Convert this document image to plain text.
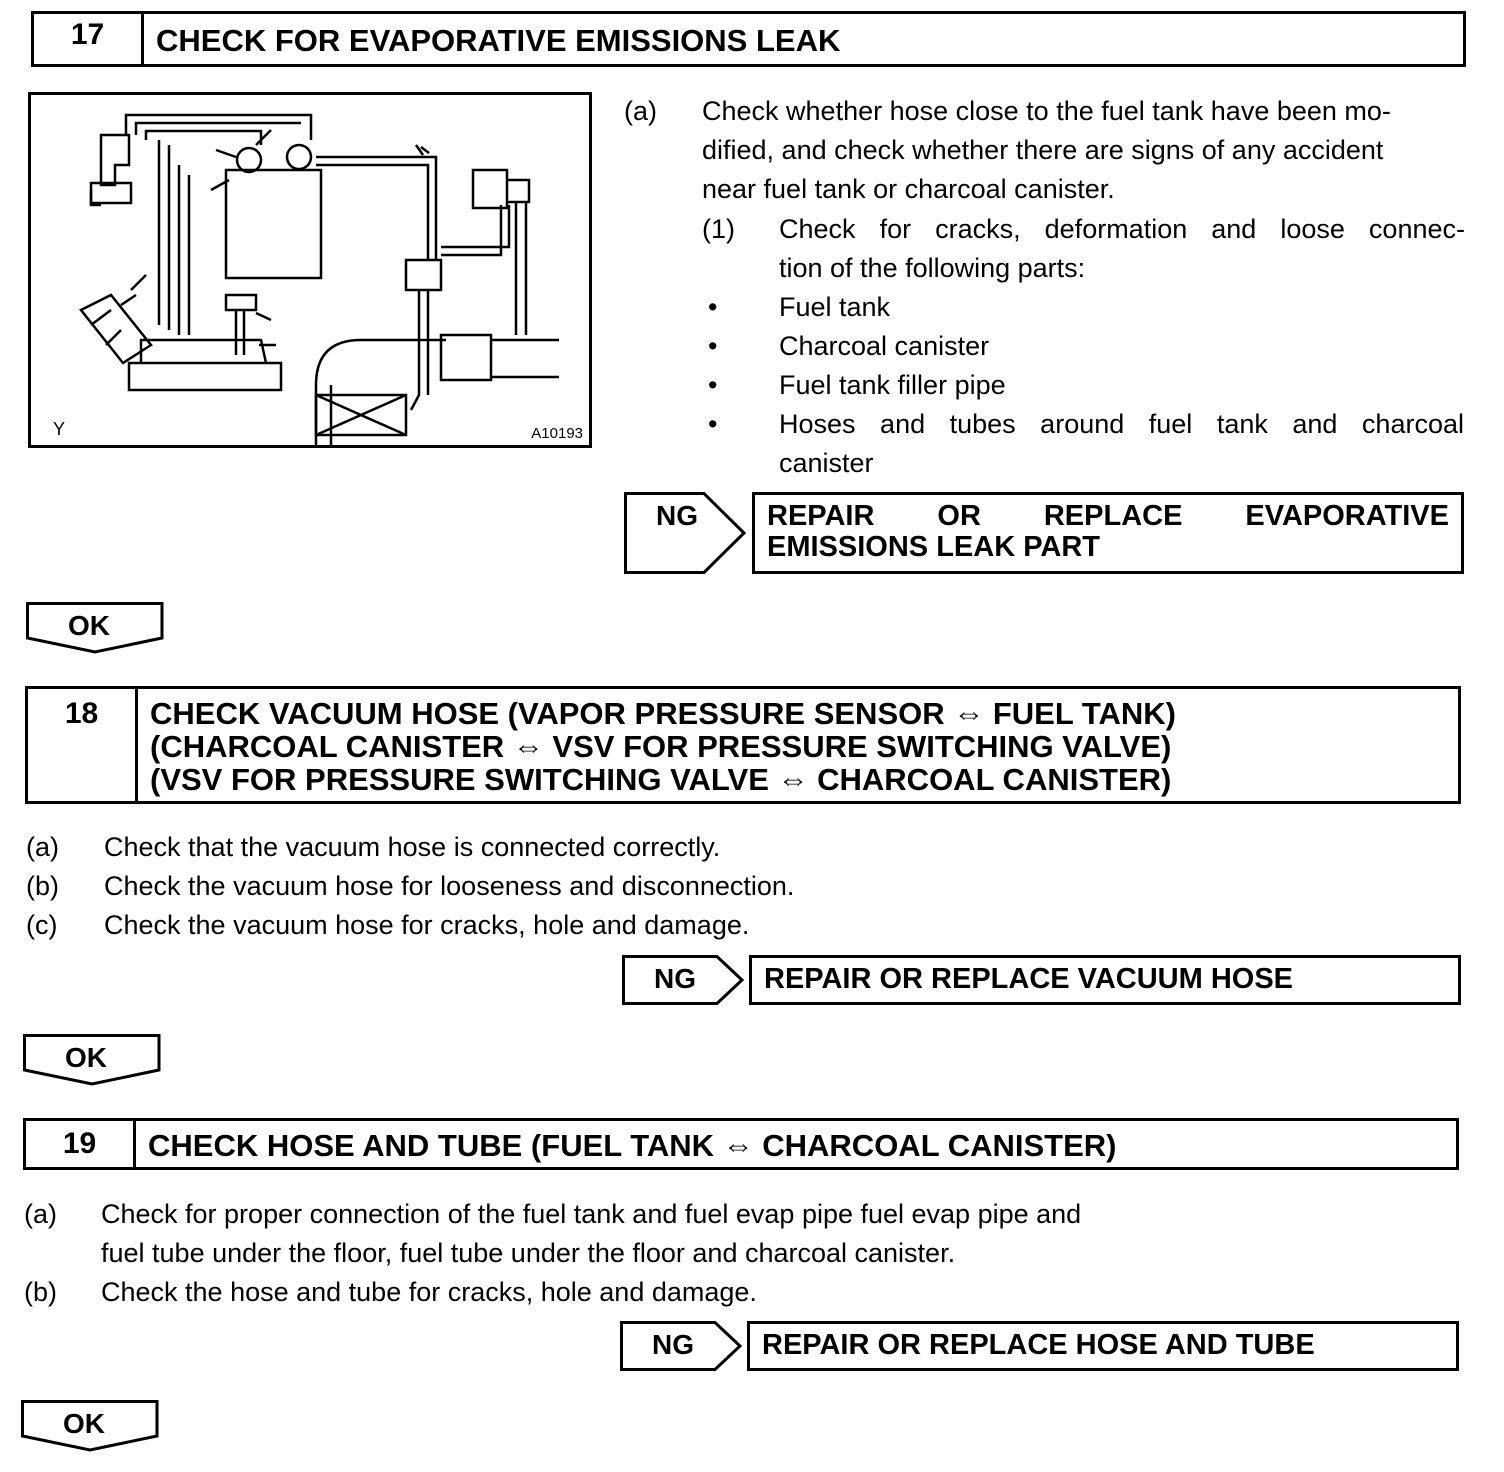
17	CHECK FOR EVAPORATIVE EMISSIONS LEAK
Y	A10193
(a) Check whether hose close to the fuel tank have been mo-
dified, and check whether there are signs of any accident
near fuel tank or charcoal canister.
(1) Check for cracks, deformation and loose connec-
tion of the following parts:
• Fuel tank
• Charcoal canister
• Fuel tank filler pipe
• Hoses and tubes around fuel tank and charcoal
canister
NG REPAIR OR REPLACE EVAPORATIVE
EMISSIONS LEAK PART
OK
18	CHECK VACUUM HOSE (VAPOR PRESSURE SENSOR ⇔ FUEL TANK)
(CHARCOAL CANISTER ⇔ VSV FOR PRESSURE SWITCHING VALVE)
(VSV FOR PRESSURE SWITCHING VALVE ⇔ CHARCOAL CANISTER)
(a) Check that the vacuum hose is connected correctly.
(b) Check the vacuum hose for looseness and disconnection.
(c) Check the vacuum hose for cracks, hole and damage.
NG	REPAIR OR REPLACE VACUUM HOSE
OK
19	CHECK HOSE AND TUBE (FUEL TANK ⇔ CHARCOAL CANISTER)
(a) Check for proper connection of the fuel tank and fuel evap pipe fuel evap pipe and
fuel tube under the floor, fuel tube under the floor and charcoal canister.
(b) Check the hose and tube for cracks, hole and damage.
NG	REPAIR OR REPLACE HOSE AND TUBE
OK
